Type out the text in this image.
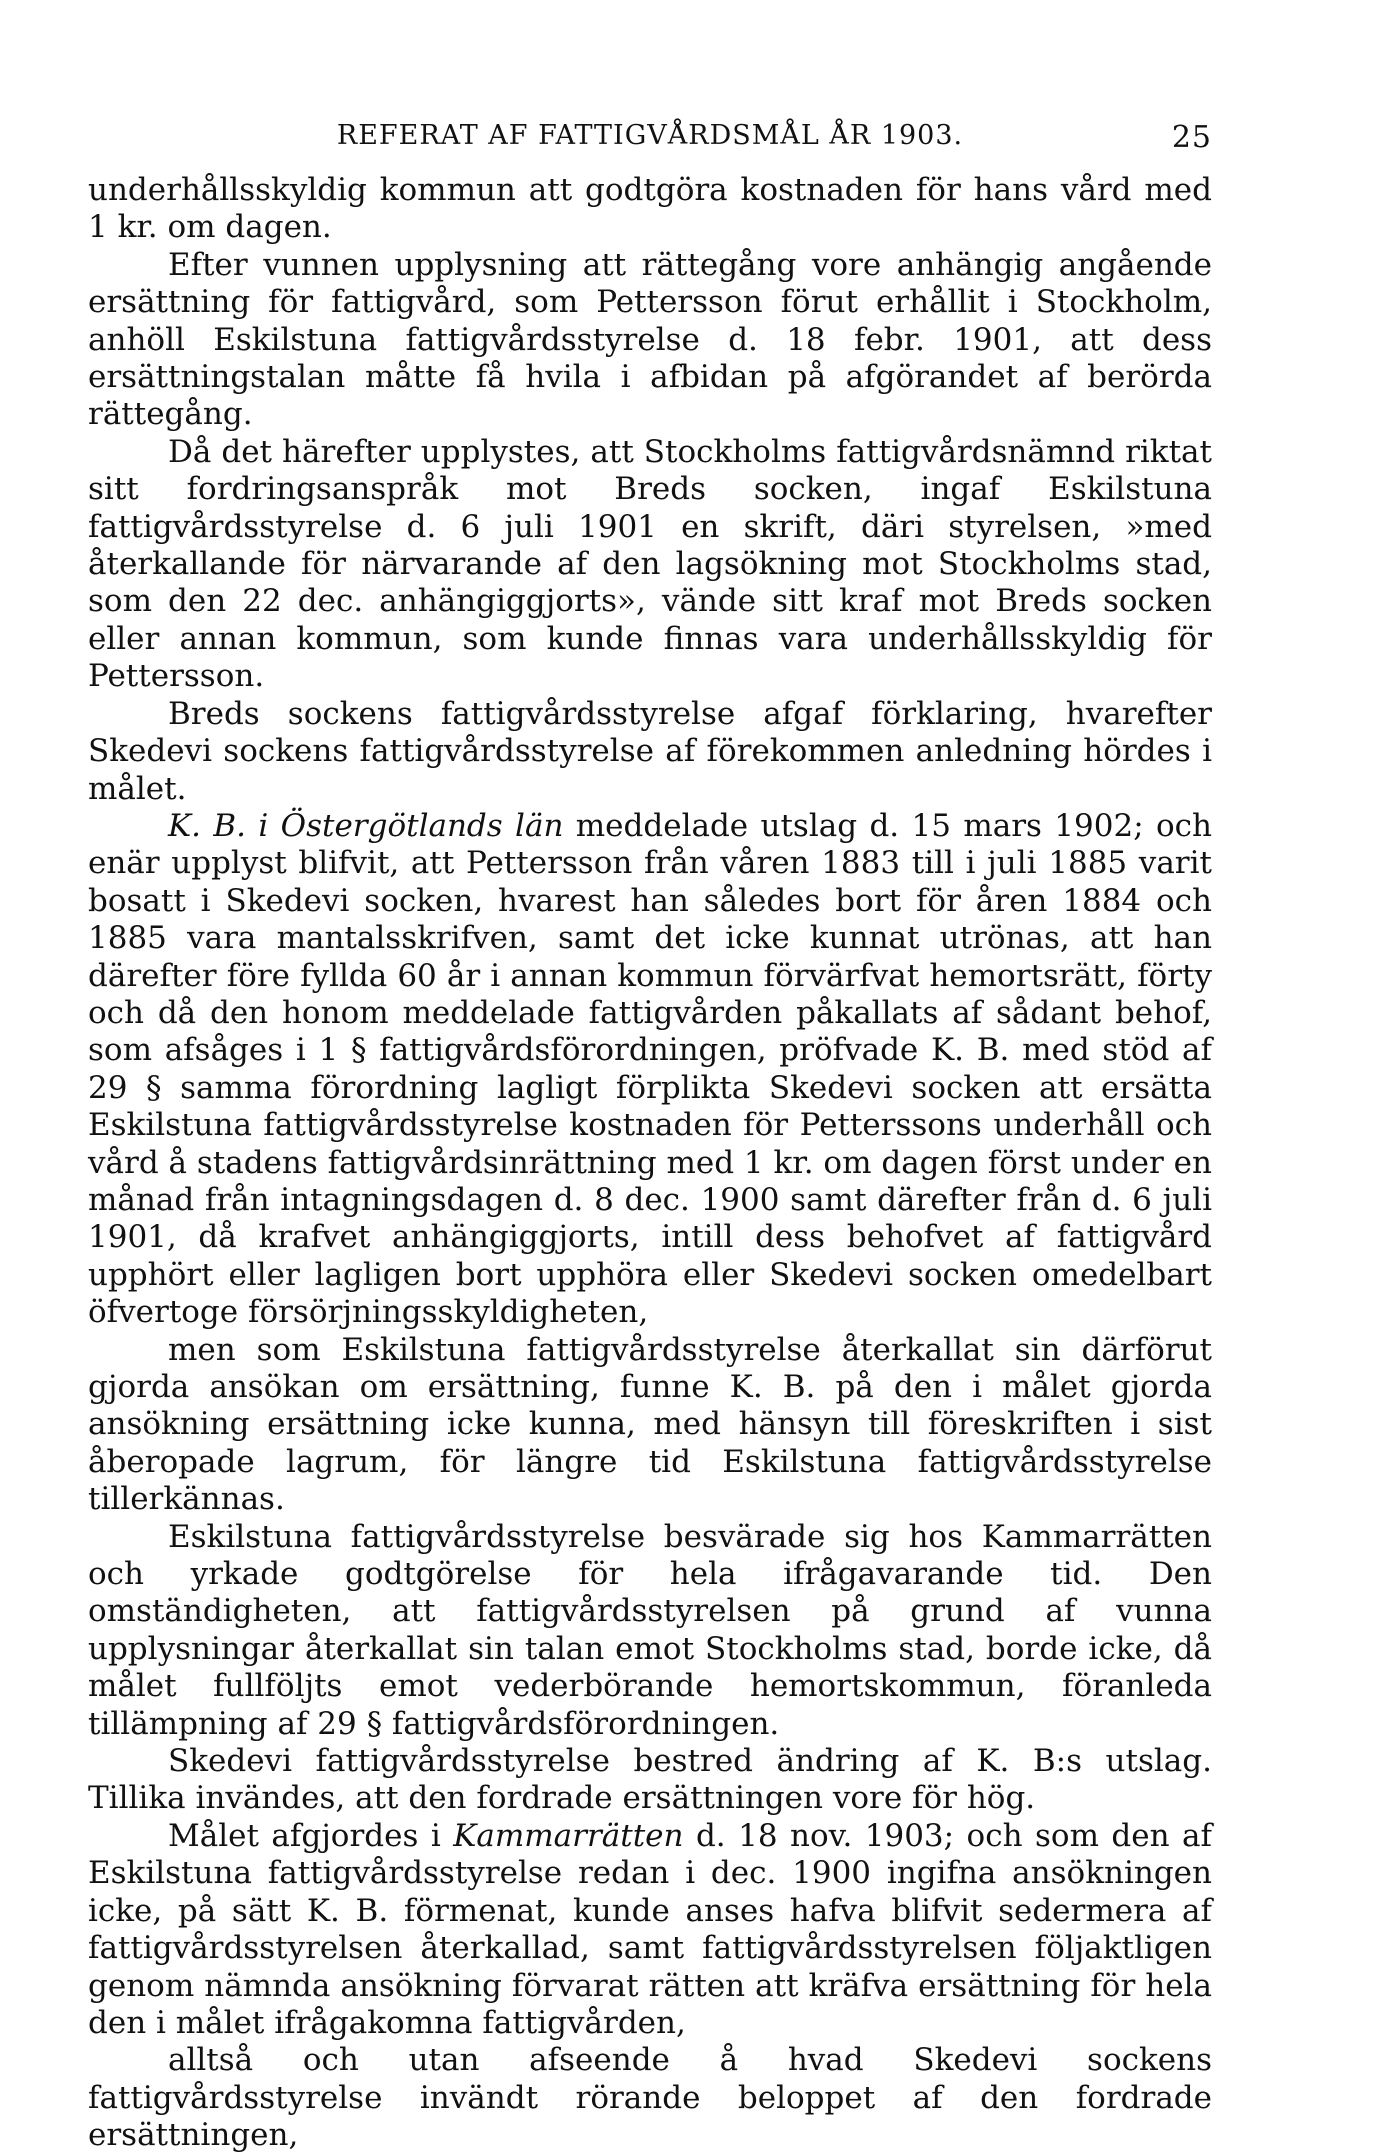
REFERAT AF FATTIGVÅRDSMÅL ÅR 1903.	25

underhållsskyldig kommun att godtgöra kostnaden för hans vård med 1 kr. om dagen.

Efter vunnen upplysning att rättegång vore anhängig angående ersättning för fattigvård, som Pettersson förut erhållit i Stockholm, anhöll Eskilstuna fattigvårdsstyrelse d. 18 febr. 1901, att dess ersättningstalan måtte få hvila i afbidan på afgörandet af berörda rättegång.

Då det härefter upplystes, att Stockholms fattigvårdsnämnd riktat sitt fordringsanspråk mot Breds socken, ingaf Eskilstuna fattigvårdsstyrelse d. 6 juli 1901 en skrift, däri styrelsen, »med återkallande för närvarande af den lagsökning mot Stockholms stad, som den 22 dec. anhängiggjorts», vände sitt kraf mot Breds socken eller annan kommun, som kunde finnas vara underhållsskyldig för Pettersson.

Breds sockens fattigvårdsstyrelse afgaf förklaring, hvarefter Skedevi sockens fattigvårdsstyrelse af förekommen anledning hördes i målet.

K. B. i Östergötlands län meddelade utslag d. 15 mars 1902; och enär upplyst blifvit, att Pettersson från våren 1883 till i juli 1885 varit bosatt i Skedevi socken, hvarest han således bort för åren 1884 och 1885 vara mantalsskrifven, samt det icke kunnat utrönas, att han därefter före fyllda 60 år i annan kommun förvärfvat hemortsrätt, förty och då den honom meddelade fattigvården påkallats af sådant behof, som afsåges i 1 § fattigvårdsförordningen, pröfvade K. B. med stöd af 29 § samma förordning lagligt förplikta Skedevi socken att ersätta Eskilstuna fattigvårdsstyrelse kostnaden för Petterssons underhåll och vård å stadens fattigvårdsinrättning med 1 kr. om dagen först under en månad från intagningsdagen d. 8 dec. 1900 samt därefter från d. 6 juli 1901, då krafvet anhängiggjorts, intill dess behofvet af fattigvård upphört eller lagligen bort upphöra eller Skedevi socken omedelbart öfvertoge försörjningsskyldigheten,

men som Eskilstuna fattigvårdsstyrelse återkallat sin därförut gjorda ansökan om ersättning, funne K. B. på den i målet gjorda ansökning ersättning icke kunna, med hänsyn till föreskriften i sist åberopade lagrum, för längre tid Eskilstuna fattigvårdsstyrelse tillerkännas.

Eskilstuna fattigvårdsstyrelse besvärade sig hos Kammarrätten och yrkade godtgörelse för hela ifrågavarande tid. Den omständigheten, att fattigvårdsstyrelsen på grund af vunna upplysningar återkallat sin talan emot Stockholms stad, borde icke, då målet fullföljts emot vederbörande hemortskommun, föranleda tillämpning af 29 § fattigvårdsförordningen.

Skedevi fattigvårdsstyrelse bestred ändring af K. B:s utslag. Tillika invändes, att den fordrade ersättningen vore för hög.

Målet afgjordes i Kammarrätten d. 18 nov. 1903; och som den af Eskilstuna fattigvårdsstyrelse redan i dec. 1900 ingifna ansökningen icke, på sätt K. B. förmenat, kunde anses hafva blifvit sedermera af fattigvårdsstyrelsen återkallad, samt fattigvårdsstyrelsen följaktligen genom nämnda ansökning förvarat rätten att kräfva ersättning för hela den i målet ifrågakomna fattigvården,

alltså och utan afseende å hvad Skedevi sockens fattigvårdsstyrelse invändt rörande beloppet af den fordrade ersättningen,
